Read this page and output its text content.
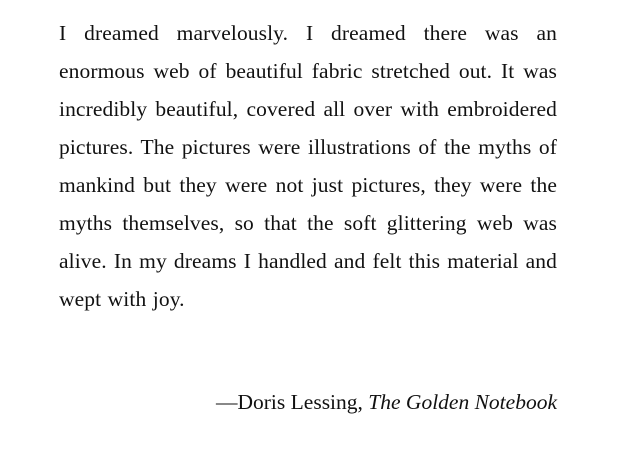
I dreamed marvelously. I dreamed there was an enormous web of beautiful fabric stretched out. It was incredibly beautiful, covered all over with embroidered pictures. The pictures were illustrations of the myths of mankind but they were not just pictures, they were the myths themselves, so that the soft glittering web was alive. In my dreams I handled and felt this material and wept with joy.

—Doris Lessing, The Golden Notebook
